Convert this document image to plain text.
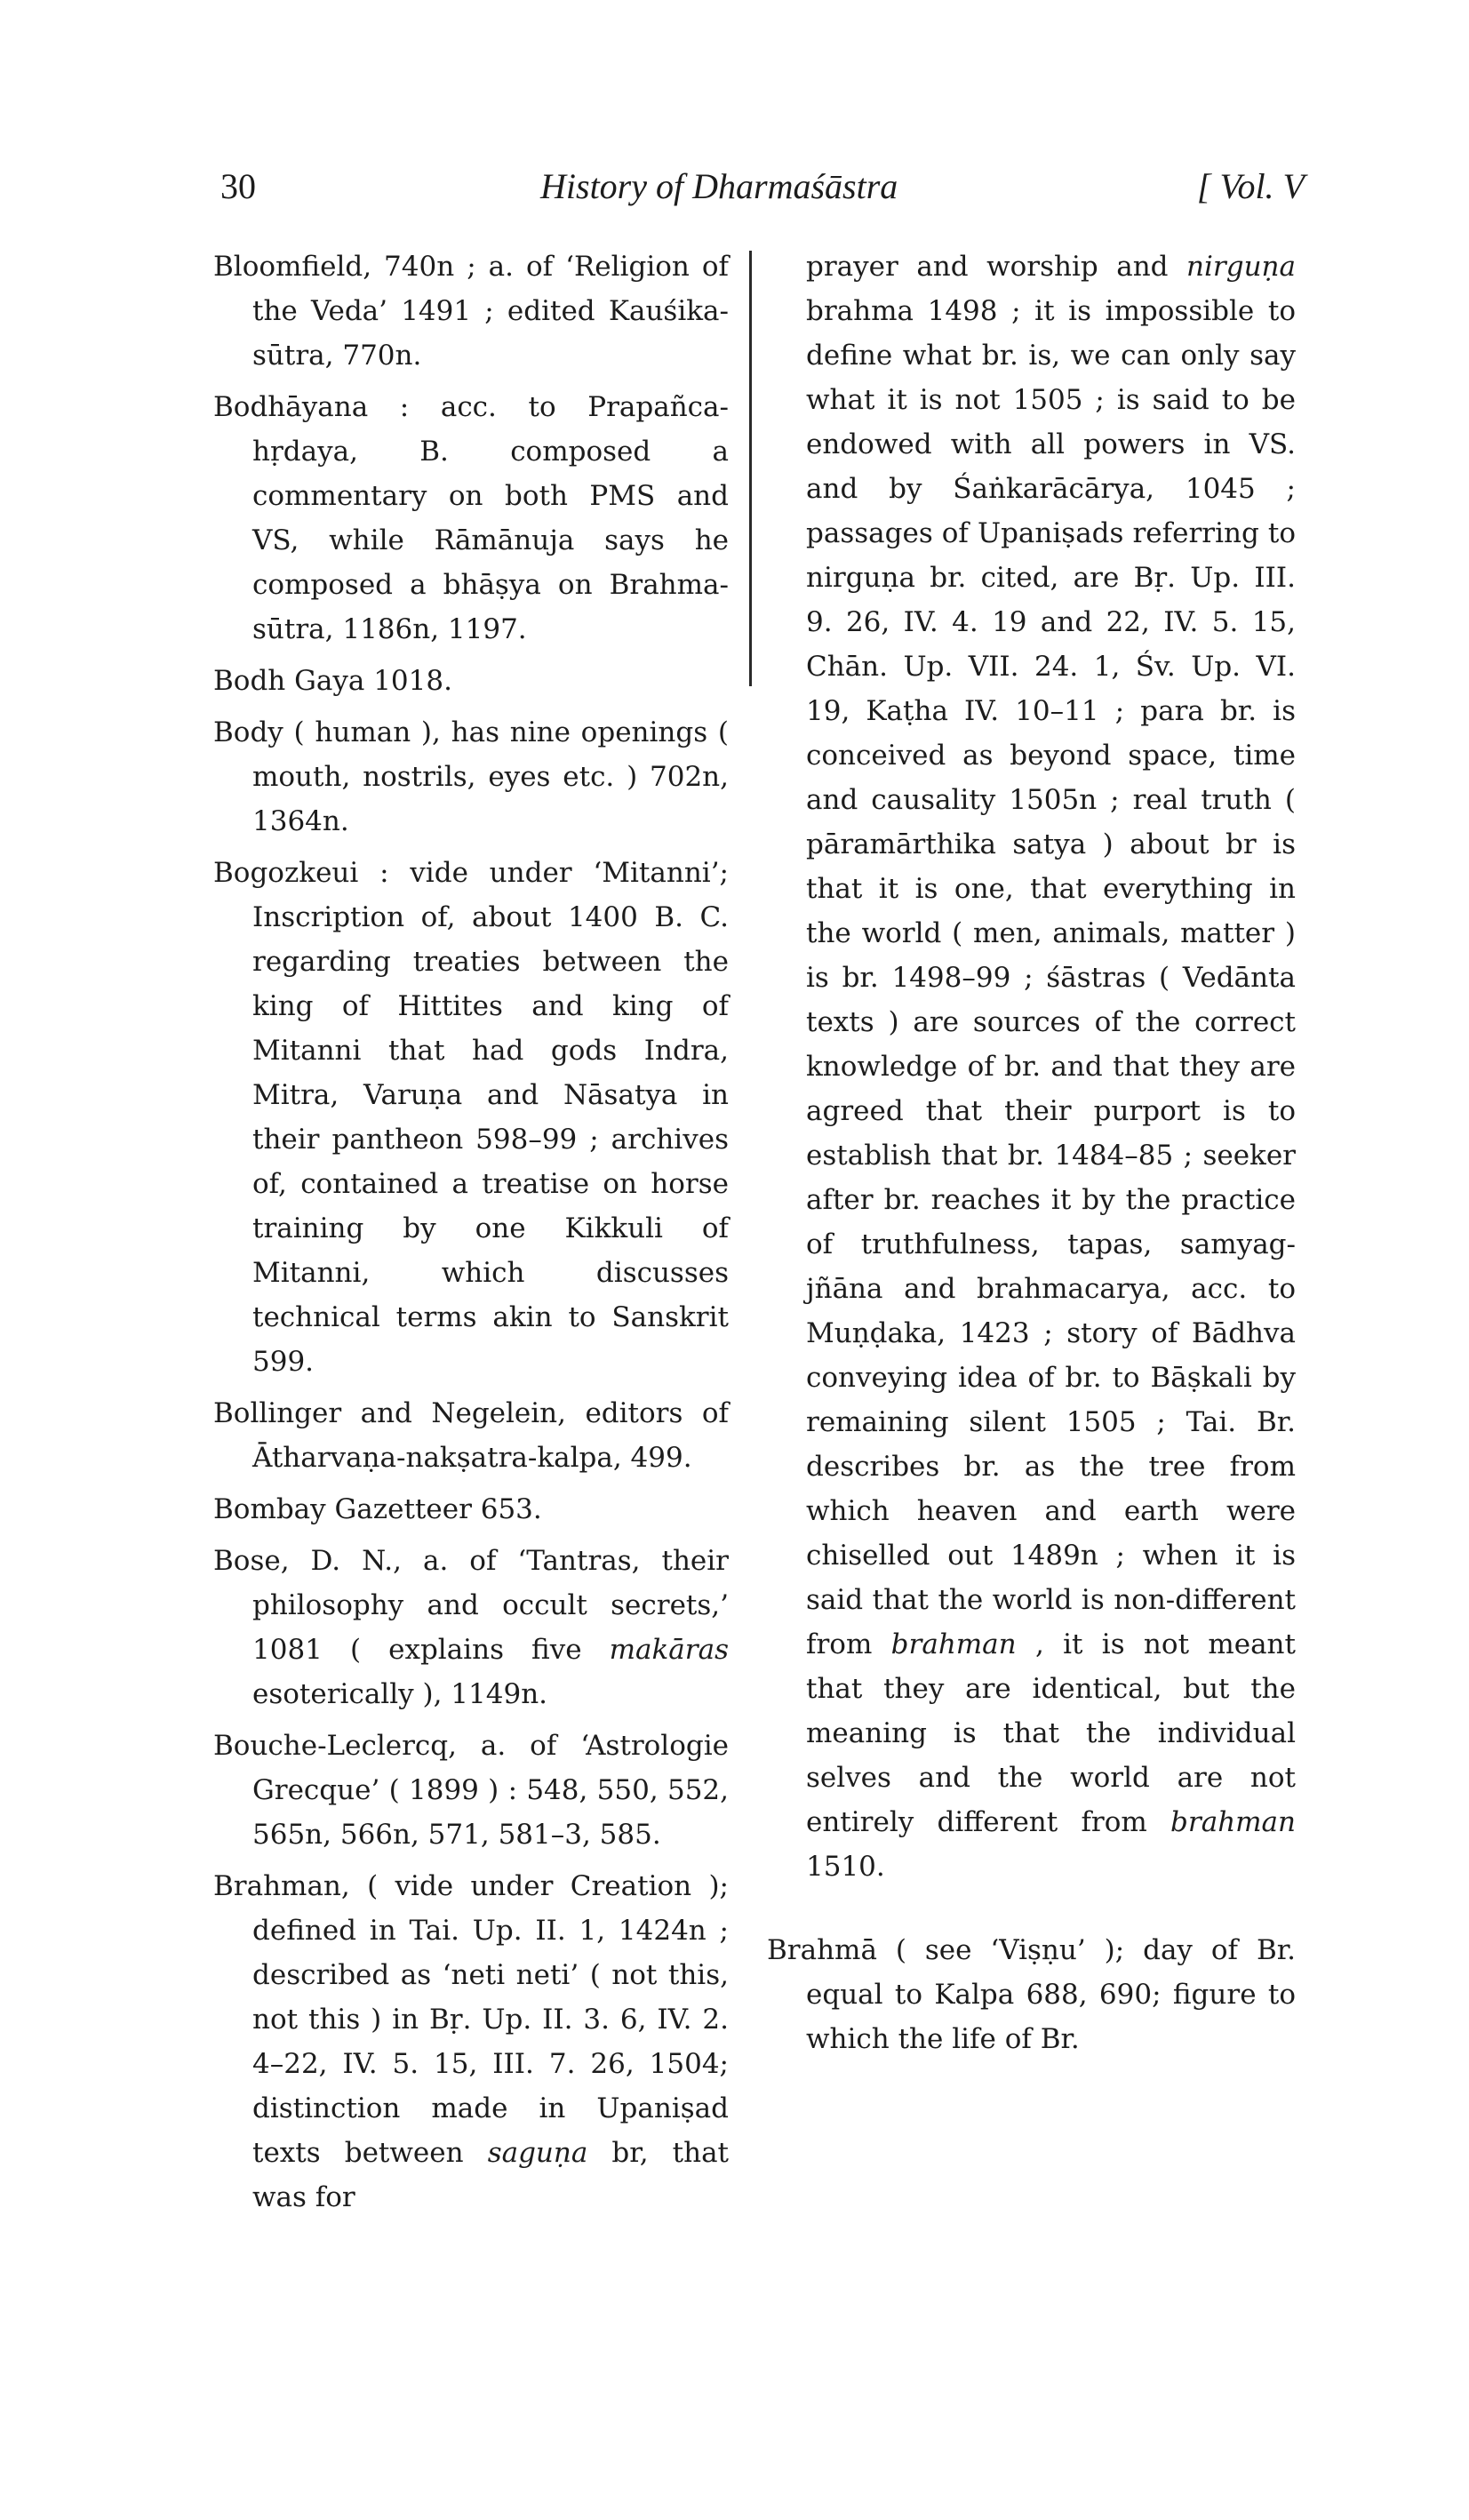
30	History of Dharmaśāstra	[ Vol. V

Bloomfield, 740n ; a. of ‘Religion of the Veda’ 1491 ; edited Kauśika-sūtra, 770n.

Bodhāyana : acc. to Prapañca-hṛdaya, B. composed a commentary on both PMS and VS, while Rāmānuja says he composed a bhāṣya on Brahma-sūtra, 1186n, 1197.

Bodh Gaya 1018.

Body ( human ), has nine openings ( mouth, nostrils, eyes etc. ) 702n, 1364n.

Bogozkeui : vide under ‘Mitanni’; Inscription of, about 1400 B. C. regarding treaties between the king of Hittites and king of Mitanni that had gods Indra, Mitra, Varuṇa and Nāsatya in their pantheon 598–99 ; archives of, contained a treatise on horse training by one Kikkuli of Mitanni, which discusses technical terms akin to Sanskrit 599.

Bollinger and Negelein, editors of Ātharvaṇa-nakṣatra-kalpa, 499.

Bombay Gazetteer 653.

Bose, D. N., a. of ‘Tantras, their philosophy and occult secrets,’ 1081 ( explains five makāras esoterically ), 1149n.

Bouche-Leclercq, a. of ‘Astrologie Grecque’ ( 1899 ) : 548, 550, 552, 565n, 566n, 571, 581–3, 585.

Brahman, ( vide under Creation ); defined in Tai. Up. II. 1, 1424n ; described as ‘neti neti’ ( not this, not this ) in Bṛ. Up. II. 3. 6, IV. 2. 4–22, IV. 5. 15, III. 7. 26, 1504; distinction made in Upaniṣad texts between saguṇa br, that was for

prayer and worship and nirguṇa brahma 1498 ; it is impossible to define what br. is, we can only say what it is not 1505 ; is said to be endowed with all powers in VS. and by Śaṅkarācārya, 1045 ; passages of Upaniṣads referring to nirguṇa br. cited, are Bṛ. Up. III. 9. 26, IV. 4. 19 and 22, IV. 5. 15, Chān. Up. VII. 24. 1, Śv. Up. VI. 19, Kaṭha IV. 10–11 ; para br. is conceived as beyond space, time and causality 1505n ; real truth ( pāramārthika satya ) about br is that it is one, that everything in the world ( men, animals, matter ) is br. 1498–99 ; śāstras ( Vedānta texts ) are sources of the correct knowledge of br. and that they are agreed that their purport is to establish that br. 1484–85 ; seeker after br. reaches it by the practice of truthfulness, tapas, samyag-jñāna and brahmacarya, acc. to Muṇḍaka, 1423 ; story of Bādhva conveying idea of br. to Bāṣkali by remaining silent 1505 ; Tai. Br. describes br. as the tree from which heaven and earth were chiselled out 1489n ; when it is said that the world is non-different from brahman , it is not meant that they are identical, but the meaning is that the individual selves and the world are not entirely different from brahman 1510.

Brahmā ( see ‘Viṣṇu’ ); day of Br. equal to Kalpa 688, 690; figure to which the life of Br.
